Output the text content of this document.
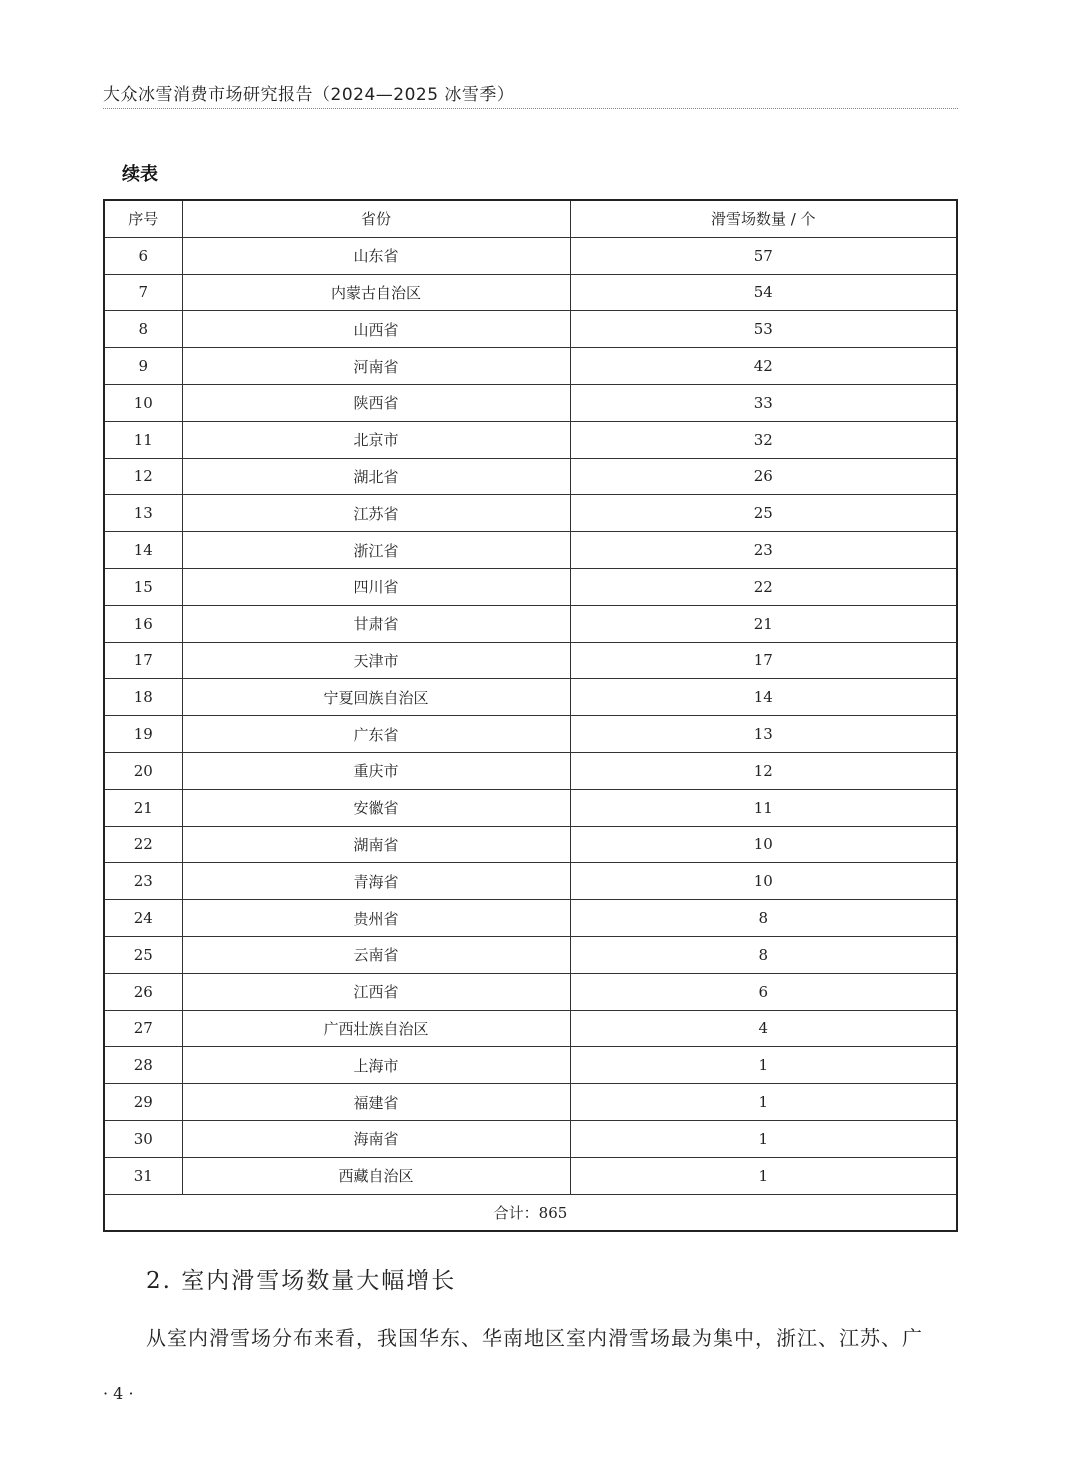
大众冰雪消费市场研究报告（2024—2025 冰雪季）
续表
序号	省份	滑雪场数量 / 个
6	山东省	57
7	内蒙古自治区	54
8	山西省	53
9	河南省	42
10	陕西省	33
11	北京市	32
12	湖北省	26
13	江苏省	25
14	浙江省	23
15	四川省	22
16	甘肃省	21
17	天津市	17
18	宁夏回族自治区	14
19	广东省	13
20	重庆市	12
21	安徽省	11
22	湖南省	10
23	青海省	10
24	贵州省	8
25	云南省	8
26	江西省	6
27	广西壮族自治区	4
28	上海市	1
29	福建省	1
30	海南省	1
31	西藏自治区	1
合计：865		
2. 室内滑雪场数量大幅增长
从室内滑雪场分布来看，我国华东、华南地区室内滑雪场最为集中，浙江、江苏、广
· 4 ·
